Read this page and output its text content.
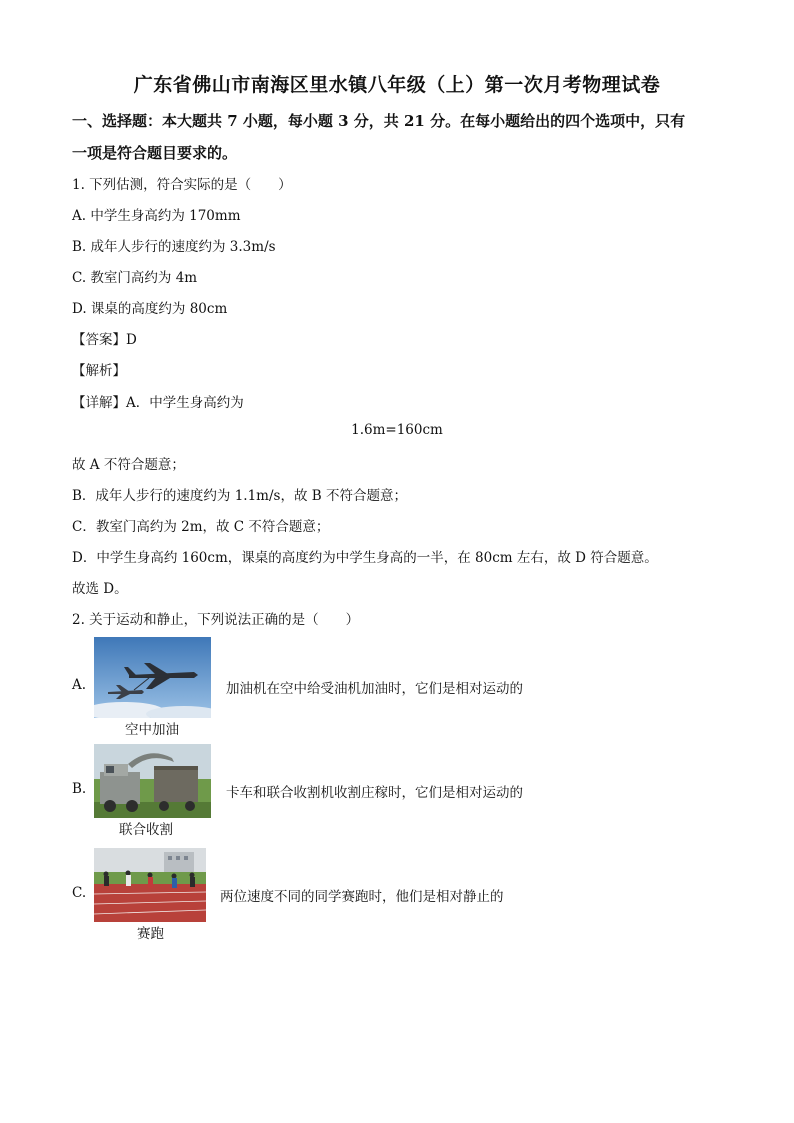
广东省佛山市南海区里水镇八年级（上）第一次月考物理试卷
一、选择题：本大题共 7 小题，每小题 3 分，共 21 分。在每小题给出的四个选项中，只有
一项是符合题目要求的。
1. 下列估测，符合实际的是（　　）
A. 中学生身高约为 170mm
B. 成年人步行的速度约为 3.3m/s
C. 教室门高约为 4m
D. 课桌的高度约为 80cm
【答案】D
【解析】
【详解】A．中学生身高约为
1.6m=160cm
故 A 不符合题意；
B．成年人步行的速度约为 1.1m/s，故 B 不符合题意；
C．教室门高约为 2m，故 C 不符合题意；
D．中学生身高约 160cm，课桌的高度约为中学生身高的一半，在 80cm 左右，故 D 符合题意。
故选 D。
2. 关于运动和静止，下列说法正确的是（　　）
A.
空中加油
加油机在空中给受油机加油时，它们是相对运动的
B.
联合收割
卡车和联合收割机收割庄稼时，它们是相对运动的
C.
赛跑
两位速度不同的同学赛跑时，他们是相对静止的
